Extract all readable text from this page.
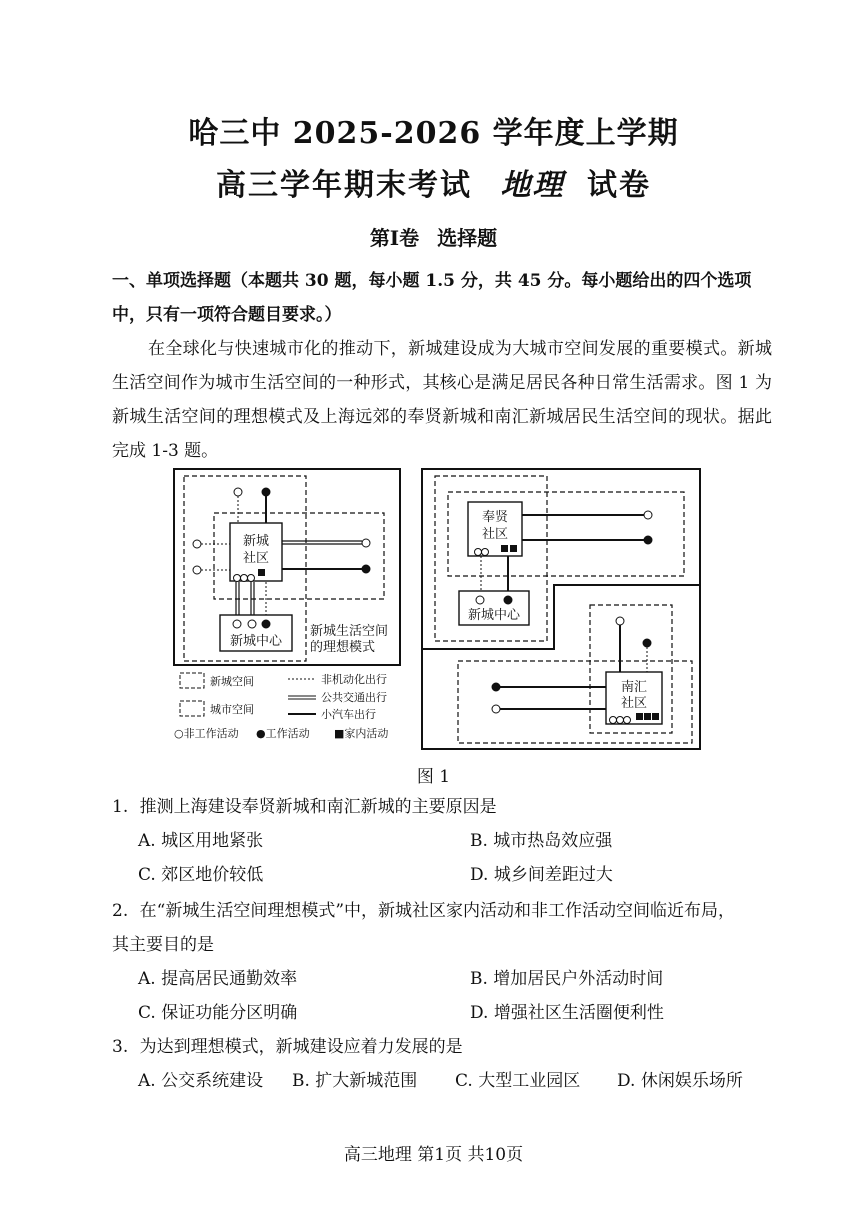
哈三中 2025-2026 学年度上学期
高三学年期末考试 地理 试卷
第Ⅰ卷 选择题
一、单项选择题（本题共 30 题，每小题 1.5 分，共 45 分。每小题给出的四个选项中，只有一项符合题目要求。）
在全球化与快速城市化的推动下，新城建设成为大城市空间发展的重要模式。新城生活空间作为城市生活空间的一种形式，其核心是满足居民各种日常生活需求。图 1 为新城生活空间的理想模式及上海远郊的奉贤新城和南汇新城居民生活空间的现状。据此完成 1-3 题。
新城
社区
新城中心
新城生活空间
的理想模式
新城空间
城市空间
非机动化出行
公共交通出行
小汽车出行
○非工作活动 ●工作活动 ■家内活动
奉贤
社区
新城中心
南汇
社区
图 1
1. 推测上海建设奉贤新城和南汇新城的主要原因是
A. 城区用地紧张	B. 城市热岛效应强
C. 郊区地价较低	D. 城乡间差距过大
2. 在“新城生活空间理想模式”中，新城社区家内活动和非工作活动空间临近布局，
其主要目的是
A. 提高居民通勤效率	B. 增加居民户外活动时间
C. 保证功能分区明确	D. 增强社区生活圈便利性
3. 为达到理想模式，新城建设应着力发展的是
A. 公交系统建设 B. 扩大新城范围 C. 大型工业园区 D. 休闲娱乐场所
高三地理 第1页 共10页
